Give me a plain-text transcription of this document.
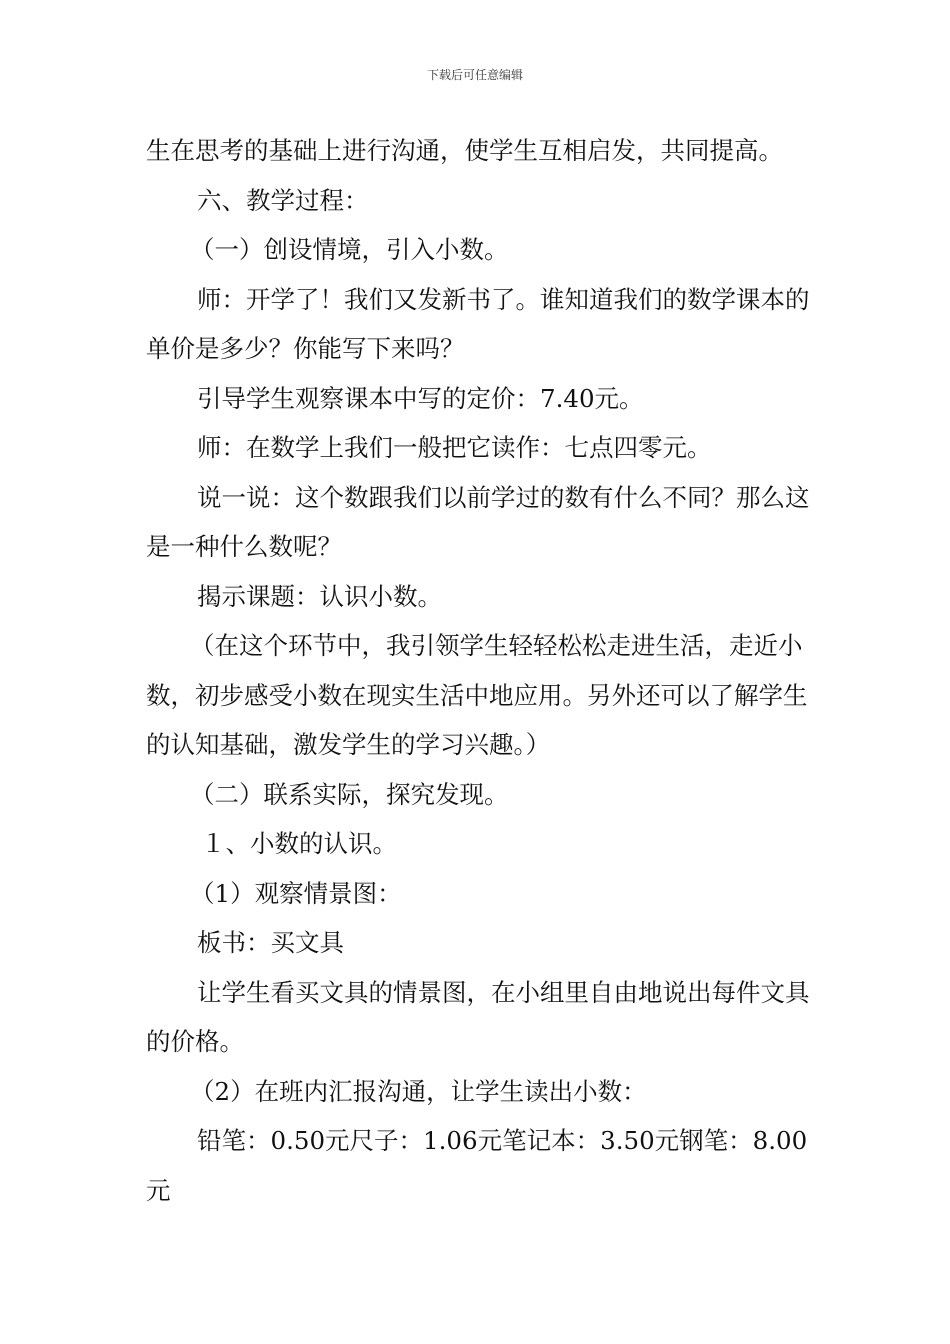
下载后可任意编辑

生在思考的基础上进行沟通，使学生互相启发，共同提高。

六、教学过程：

（一）创设情境，引入小数。

师：开学了！我们又发新书了。谁知道我们的数学课本的单价是多少？你能写下来吗？

引导学生观察课本中写的定价：7.40元。

师：在数学上我们一般把它读作：七点四零元。

说一说：这个数跟我们以前学过的数有什么不同？那么这是一种什么数呢？

揭示课题：认识小数。

（在这个环节中，我引领学生轻轻松松走进生活，走近小数，初步感受小数在现实生活中地应用。另外还可以了解学生的认知基础，激发学生的学习兴趣。）

（二）联系实际，探究发现。

１、小数的认识。

（1）观察情景图：

板书：买文具

让学生看买文具的情景图，在小组里自由地说出每件文具的价格。

（2）在班内汇报沟通，让学生读出小数：

铅笔：0.50元尺子：1.06元笔记本：3.50元钢笔：8.00元
